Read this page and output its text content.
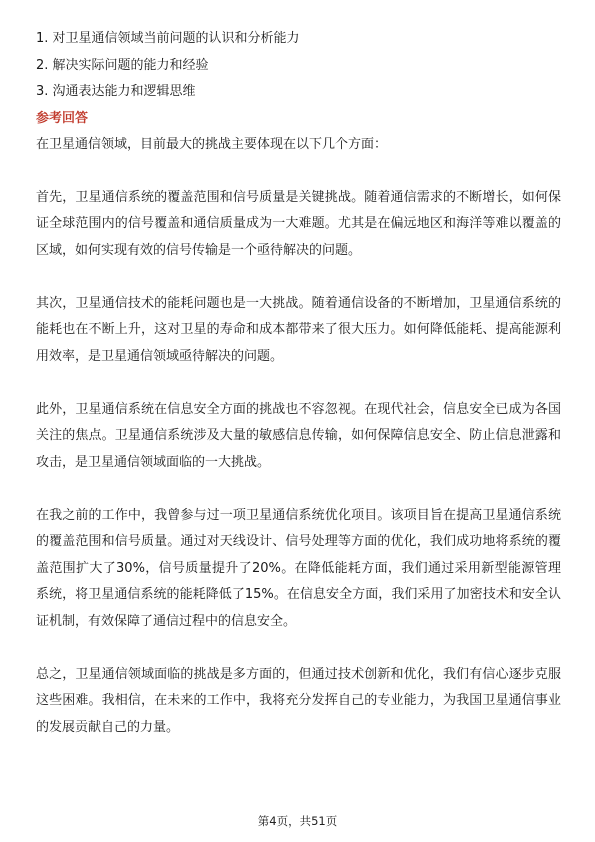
1. 对卫星通信领域当前问题的认识和分析能力
2. 解决实际问题的能力和经验
3. 沟通表达能力和逻辑思维
参考回答

在卫星通信领域，目前最大的挑战主要体现在以下几个方面：

首先，卫星通信系统的覆盖范围和信号质量是关键挑战。随着通信需求的不断增长，如何保证全球范围内的信号覆盖和通信质量成为一大难题。尤其是在偏远地区和海洋等难以覆盖的区域，如何实现有效的信号传输是一个亟待解决的问题。

其次，卫星通信技术的能耗问题也是一大挑战。随着通信设备的不断增加，卫星通信系统的能耗也在不断上升，这对卫星的寿命和成本都带来了很大压力。如何降低能耗、提高能源利用效率，是卫星通信领域亟待解决的问题。

此外，卫星通信系统在信息安全方面的挑战也不容忽视。在现代社会，信息安全已成为各国关注的焦点。卫星通信系统涉及大量的敏感信息传输，如何保障信息安全、防止信息泄露和攻击，是卫星通信领域面临的一大挑战。

在我之前的工作中，我曾参与过一项卫星通信系统优化项目。该项目旨在提高卫星通信系统的覆盖范围和信号质量。通过对天线设计、信号处理等方面的优化，我们成功地将系统的覆盖范围扩大了30%，信号质量提升了20%。在降低能耗方面，我们通过采用新型能源管理系统，将卫星通信系统的能耗降低了15%。在信息安全方面，我们采用了加密技术和安全认证机制，有效保障了通信过程中的信息安全。

总之，卫星通信领域面临的挑战是多方面的，但通过技术创新和优化，我们有信心逐步克服这些困难。我相信，在未来的工作中，我将充分发挥自己的专业能力，为我国卫星通信事业的发展贡献自己的力量。

第4页，共51页
